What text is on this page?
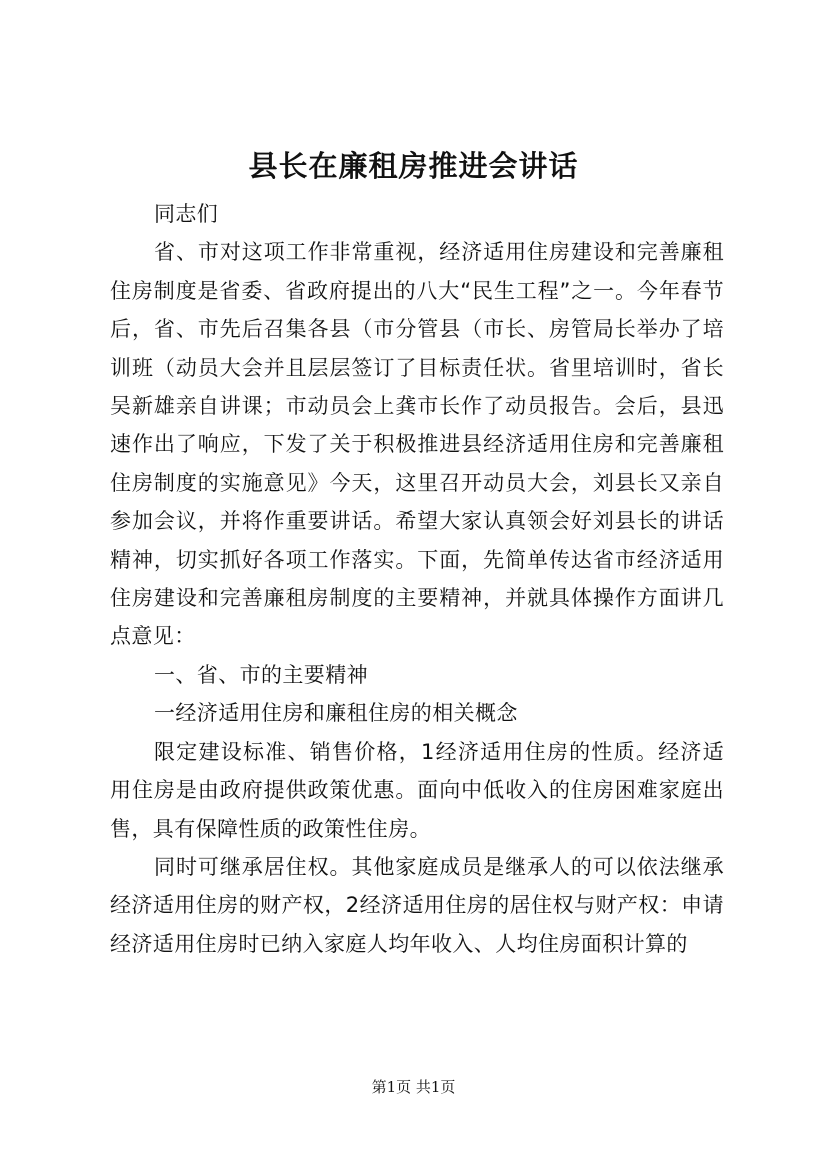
县长在廉租房推进会讲话

同志们

省、市对这项工作非常重视，经济适用住房建设和完善廉租住房制度是省委、省政府提出的八大“民生工程”之一。今年春节后，省、市先后召集各县（市分管县（市长、房管局长举办了培训班（动员大会并且层层签订了目标责任状。省里培训时，省长吴新雄亲自讲课；市动员会上龚市长作了动员报告。会后，县迅速作出了响应，下发了关于积极推进县经济适用住房和完善廉租住房制度的实施意见》今天，这里召开动员大会，刘县长又亲自参加会议，并将作重要讲话。希望大家认真领会好刘县长的讲话精神，切实抓好各项工作落实。下面，先简单传达省市经济适用住房建设和完善廉租房制度的主要精神，并就具体操作方面讲几点意见：

一、省、市的主要精神

一经济适用住房和廉租住房的相关概念

限定建设标准、销售价格，1经济适用住房的性质。经济适用住房是由政府提供政策优惠。面向中低收入的住房困难家庭出售，具有保障性质的政策性住房。

同时可继承居住权。其他家庭成员是继承人的可以依法继承经济适用住房的财产权，2经济适用住房的居住权与财产权：申请经济适用住房时已纳入家庭人均年收入、人均住房面积计算的

第1页 共1页
